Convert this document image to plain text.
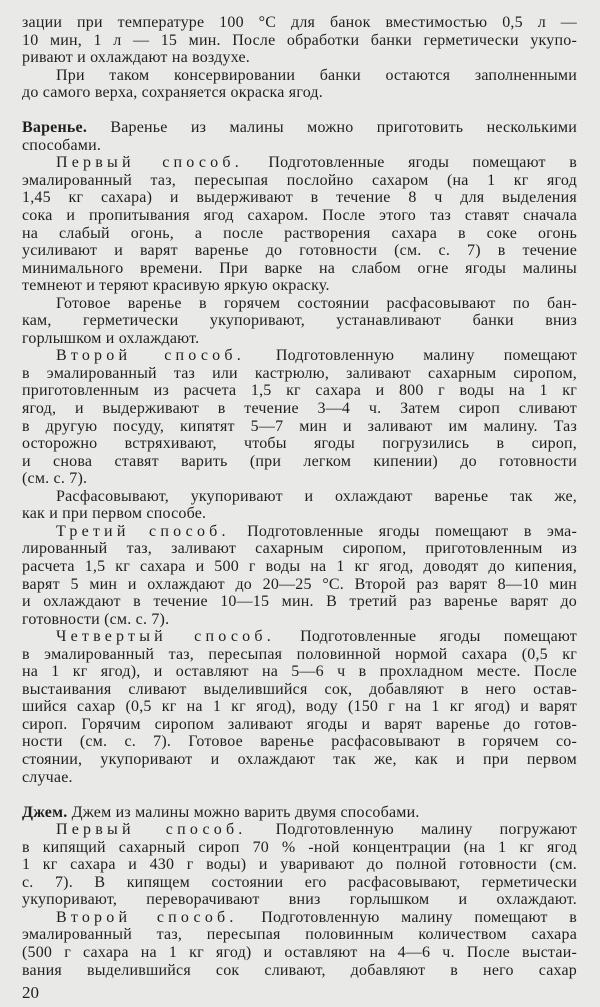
зации при температуре 100 °С для банок вместимостью 0,5 л —
10 мин, 1 л — 15 мин. После обработки банки герметически укупо-
ривают и охлаждают на воздухе.
При таком консервировании банки остаются заполненными
до самого верха, сохраняется окраска ягод.
Варенье. Варенье из малины можно приготовить несколькими
способами.
Первый способ. Подготовленные ягоды помещают в
эмалированный таз, пересыпая послойно сахаром (на 1 кг ягод
1,45 кг сахара) и выдерживают в течение 8 ч для выделения
сока и пропитывания ягод сахаром. После этого таз ставят сначала
на слабый огонь, а после растворения сахара в соке огонь
усиливают и варят варенье до готовности (см. с. 7) в течение
минимального времени. При варке на слабом огне ягоды малины
темнеют и теряют красивую яркую окраску.
Готовое варенье в горячем состоянии расфасовывают по бан-
кам, герметически укупоривают, устанавливают банки вниз
горлышком и охлаждают.
Второй способ. Подготовленную малину помещают
в эмалированный таз или кастрюлю, заливают сахарным сиропом,
приготовленным из расчета 1,5 кг сахара и 800 г воды на 1 кг
ягод, и выдерживают в течение 3—4 ч. Затем сироп сливают
в другую посуду, кипятят 5—7 мин и заливают им малину. Таз
осторожно встряхивают, чтобы ягоды погрузились в сироп,
и снова ставят варить (при легком кипении) до готовности
(см. с. 7).
Расфасовывают, укупоривают и охлаждают варенье так же,
как и при первом способе.
Третий способ. Подготовленные ягоды помещают в эма-
лированный таз, заливают сахарным сиропом, приготовленным из
расчета 1,5 кг сахара и 500 г воды на 1 кг ягод, доводят до кипения,
варят 5 мин и охлаждают до 20—25 °С. Второй раз варят 8—10 мин
и охлаждают в течение 10—15 мин. В третий раз варенье варят до
готовности (см. с. 7).
Четвертый способ. Подготовленные ягоды помещают
в эмалированный таз, пересыпая половинной нормой сахара (0,5 кг
на 1 кг ягод), и оставляют на 5—6 ч в прохладном месте. После
выстаивания сливают выделившийся сок, добавляют в него остав-
шийся сахар (0,5 кг на 1 кг ягод), воду (150 г на 1 кг ягод) и варят
сироп. Горячим сиропом заливают ягоды и варят варенье до готов-
ности (см. с. 7). Готовое варенье расфасовывают в горячем со-
стоянии, укупоривают и охлаждают так же, как и при первом
случае.
Джем. Джем из малины можно варить двумя способами.
Первый способ. Подготовленную малину погружают
в кипящий сахарный сироп 70 % -ной концентрации (на 1 кг ягод
1 кг сахара и 430 г воды) и уваривают до полной готовности (см.
с. 7). В кипящем состоянии его расфасовывают, герметически
укупоривают, переворачивают вниз горлышком и охлаждают.
Второй способ. Подготовленную малину помещают в
эмалированный таз, пересыпая половинным количеством сахара
(500 г сахара на 1 кг ягод) и оставляют на 4—6 ч. После выстаи-
вания выделившийся сок сливают, добавляют в него сахар
20
